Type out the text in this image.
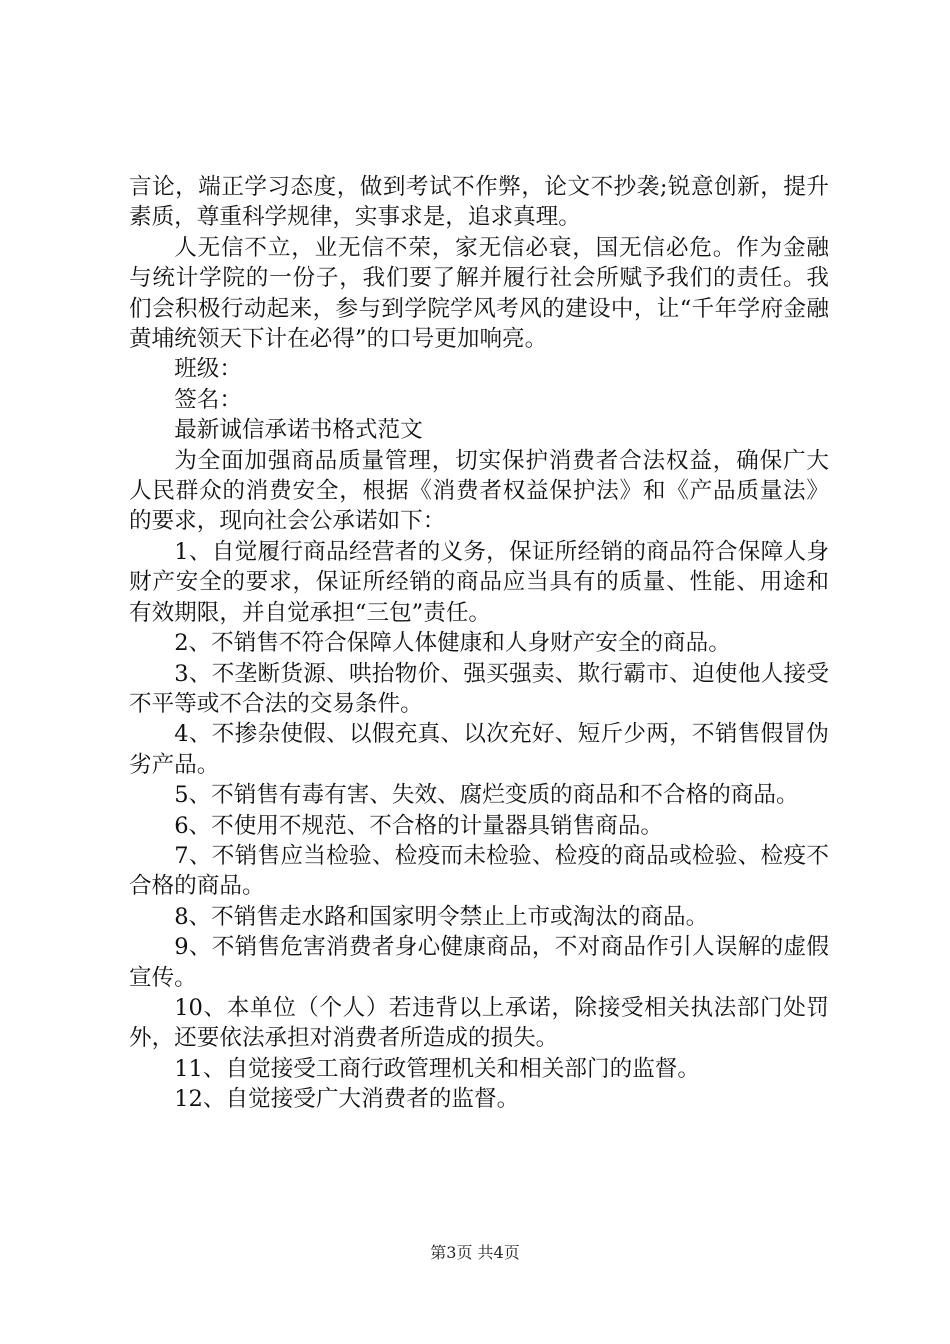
言论，端正学习态度，做到考试不作弊，论文不抄袭;锐意创新，提升素质，尊重科学规律，实事求是，追求真理。

人无信不立，业无信不荣，家无信必衰，国无信必危。作为金融与统计学院的一份子，我们要了解并履行社会所赋予我们的责任。我们会积极行动起来，参与到学院学风考风的建设中，让“千年学府金融黄埔统领天下计在必得”的口号更加响亮。

班级：

签名：

最新诚信承诺书格式范文

为全面加强商品质量管理，切实保护消费者合法权益，确保广大人民群众的消费安全，根据《消费者权益保护法》和《产品质量法》的要求，现向社会公承诺如下：

1、自觉履行商品经营者的义务，保证所经销的商品符合保障人身财产安全的要求，保证所经销的商品应当具有的质量、性能、用途和有效期限，并自觉承担“三包”责任。

2、不销售不符合保障人体健康和人身财产安全的商品。

3、不垄断货源、哄抬物价、强买强卖、欺行霸市、迫使他人接受不平等或不合法的交易条件。

4、不掺杂使假、以假充真、以次充好、短斤少两，不销售假冒伪劣产品。

5、不销售有毒有害、失效、腐烂变质的商品和不合格的商品。

6、不使用不规范、不合格的计量器具销售商品。

7、不销售应当检验、检疫而未检验、检疫的商品或检验、检疫不合格的商品。

8、不销售走水路和国家明令禁止上市或淘汰的商品。

9、不销售危害消费者身心健康商品，不对商品作引人误解的虚假宣传。

10、本单位（个人）若违背以上承诺，除接受相关执法部门处罚外，还要依法承担对消费者所造成的损失。

11、自觉接受工商行政管理机关和相关部门的监督。

12、自觉接受广大消费者的监督。

第3页 共4页
